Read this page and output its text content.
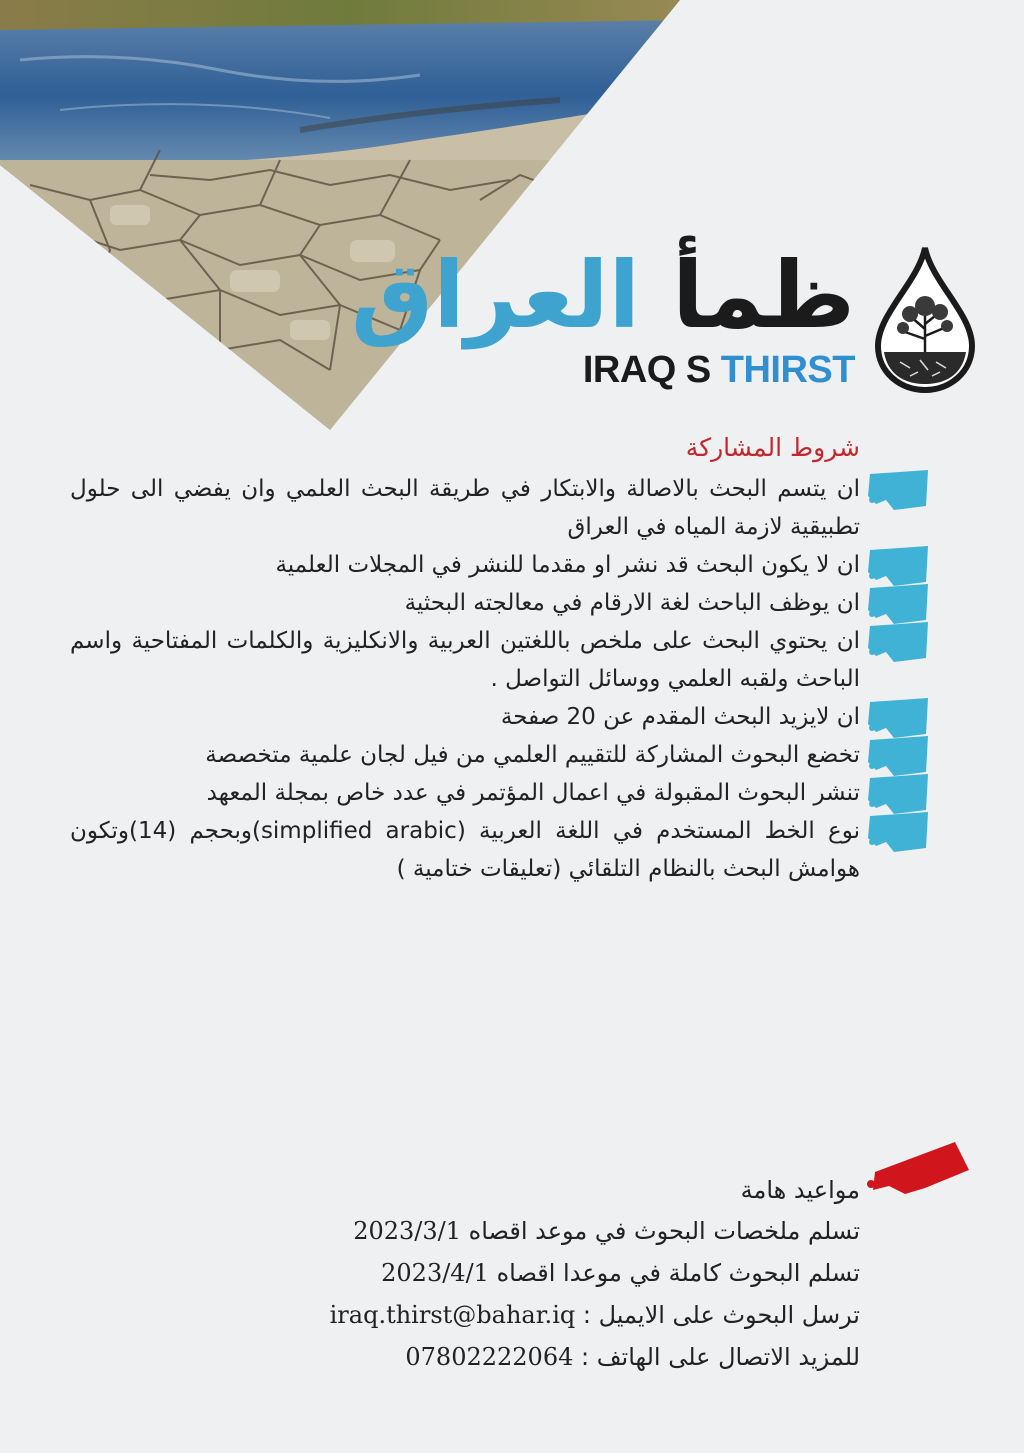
ظمأ العراق

IRAQ S THIRST

شروط المشاركة
ان يتسم البحث بالاصالة والابتكار في طريقة البحث العلمي وان يفضي الى حلول تطبيقية لازمة المياه في العراق
ان لا يكون البحث قد نشر او مقدما للنشر في المجلات العلمية
ان يوظف الباحث لغة الارقام في معالجته البحثية
ان يحتوي البحث على ملخص باللغتين العربية والانكليزية والكلمات المفتاحية واسم الباحث ولقبه العلمي ووسائل التواصل .
ان لايزيد البحث المقدم عن 20 صفحة
تخضع البحوث المشاركة للتقييم العلمي من فيل لجان علمية متخصصة
تنشر البحوث المقبولة في اعمال المؤتمر في عدد خاص بمجلة المعهد
نوع الخط المستخدم في اللغة العربية (simplified arabic)وبحجم (14)وتكون هوامش البحث بالنظام التلقائي (تعليقات ختامية )
مواعيد هامة

تسلم ملخصات البحوث في موعد اقصاه 2023/3/1

تسلم البحوث كاملة في موعدا اقصاه 2023/4/1

ترسل البحوث على الايميل : iraq.thirst@bahar.iq

للمزيد الاتصال على الهاتف : 07802222064
